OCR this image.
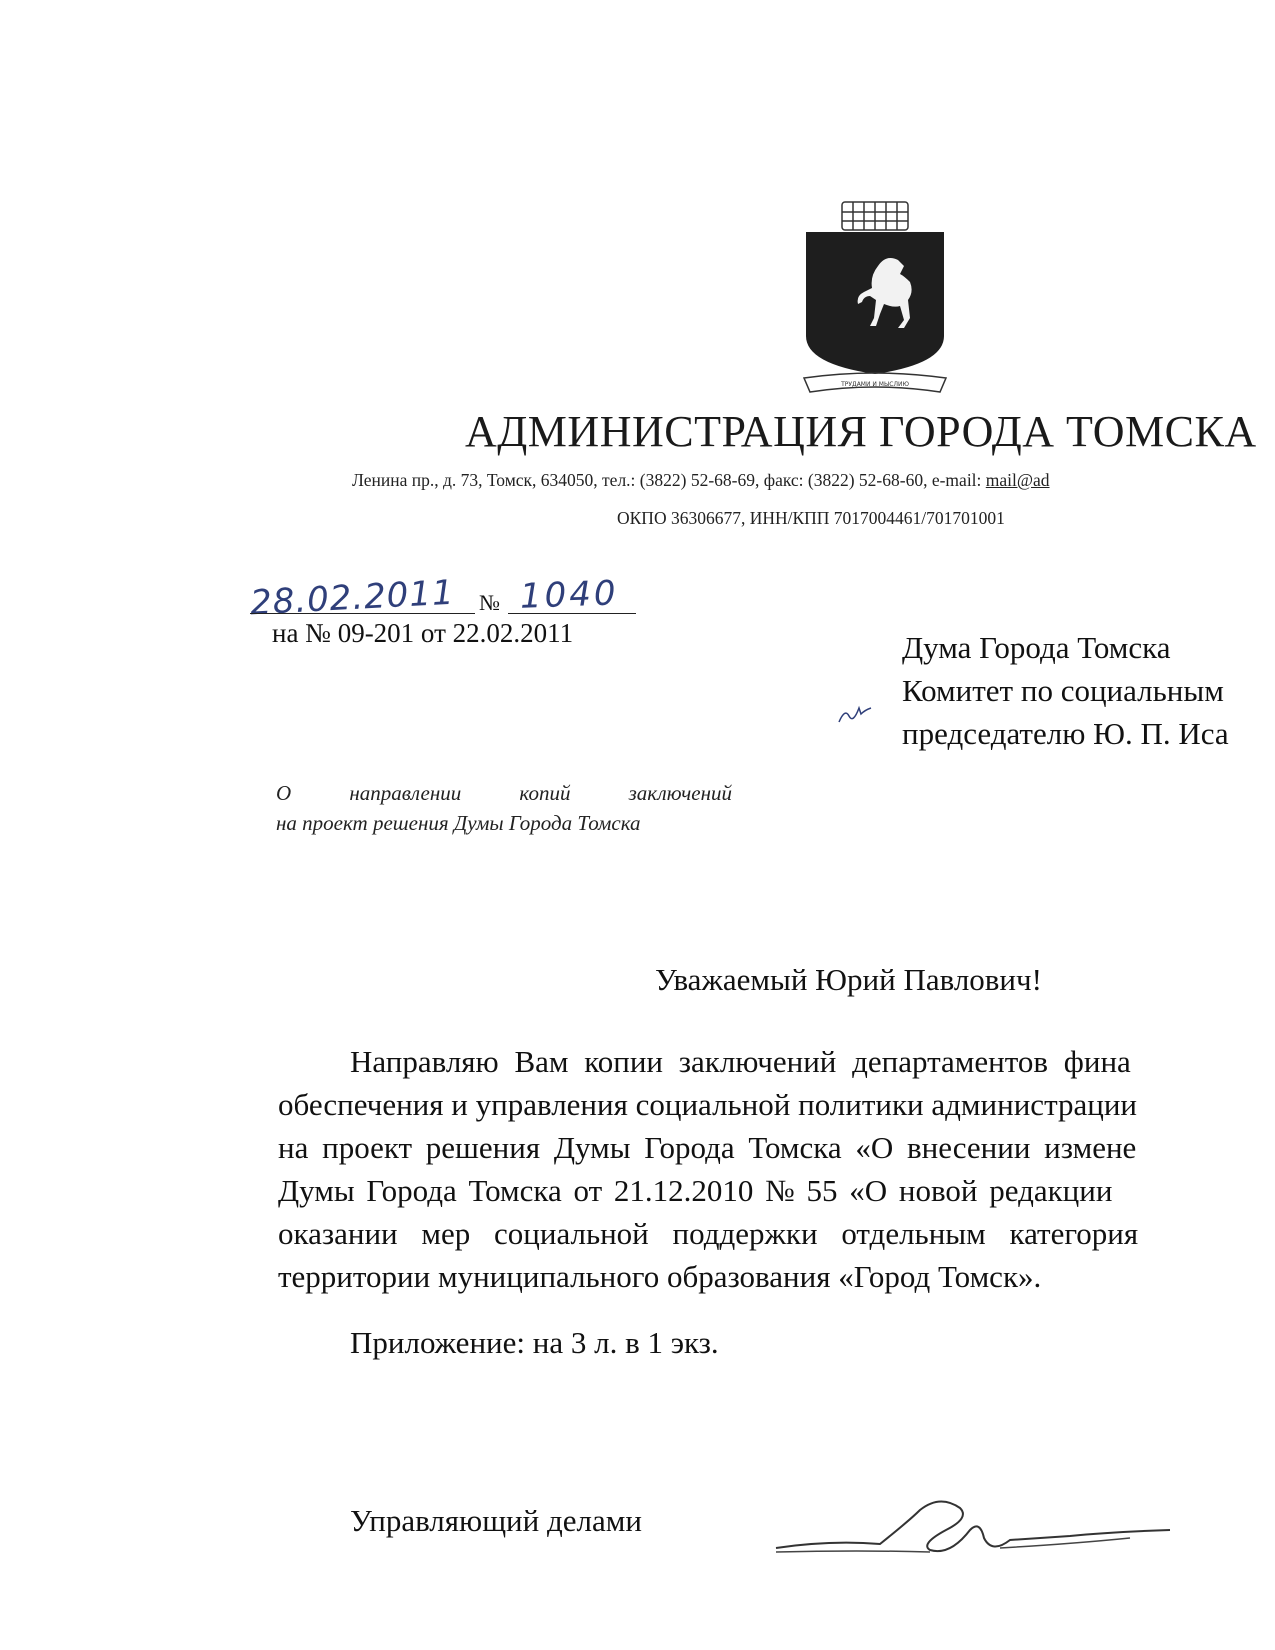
ТРУДАМИ И МЫСЛИЮ
АДМИНИСТРАЦИЯ ГОРОДА ТОМСКА
Ленина пр., д. 73, Томск, 634050, тел.: (3822) 52-68-69, факс: (3822) 52-68-60, e-mail: mail@ad
ОКПО 36306677, ИНН/КПП 7017004461/701701001
28.02.2011 № 1040
на № 09-201 от 22.02.2011	Дума Города Томска
Комитет по социальным
председателю Ю. П. Иса
О направлении копий заключений
на проект решения Думы Города Томска
Уважаемый Юрий Павлович!
Направляю Вам копии заключений департаментов фина
обеспечения и управления социальной политики администрации
на проект решения Думы Города Томска «О внесении измене
Думы Города Томска от 21.12.2010 № 55 «О новой редакции
оказании мер социальной поддержки отдельным категория
территории муниципального образования «Город Томск».
Приложение: на 3 л. в 1 экз.
Управляющий делами
